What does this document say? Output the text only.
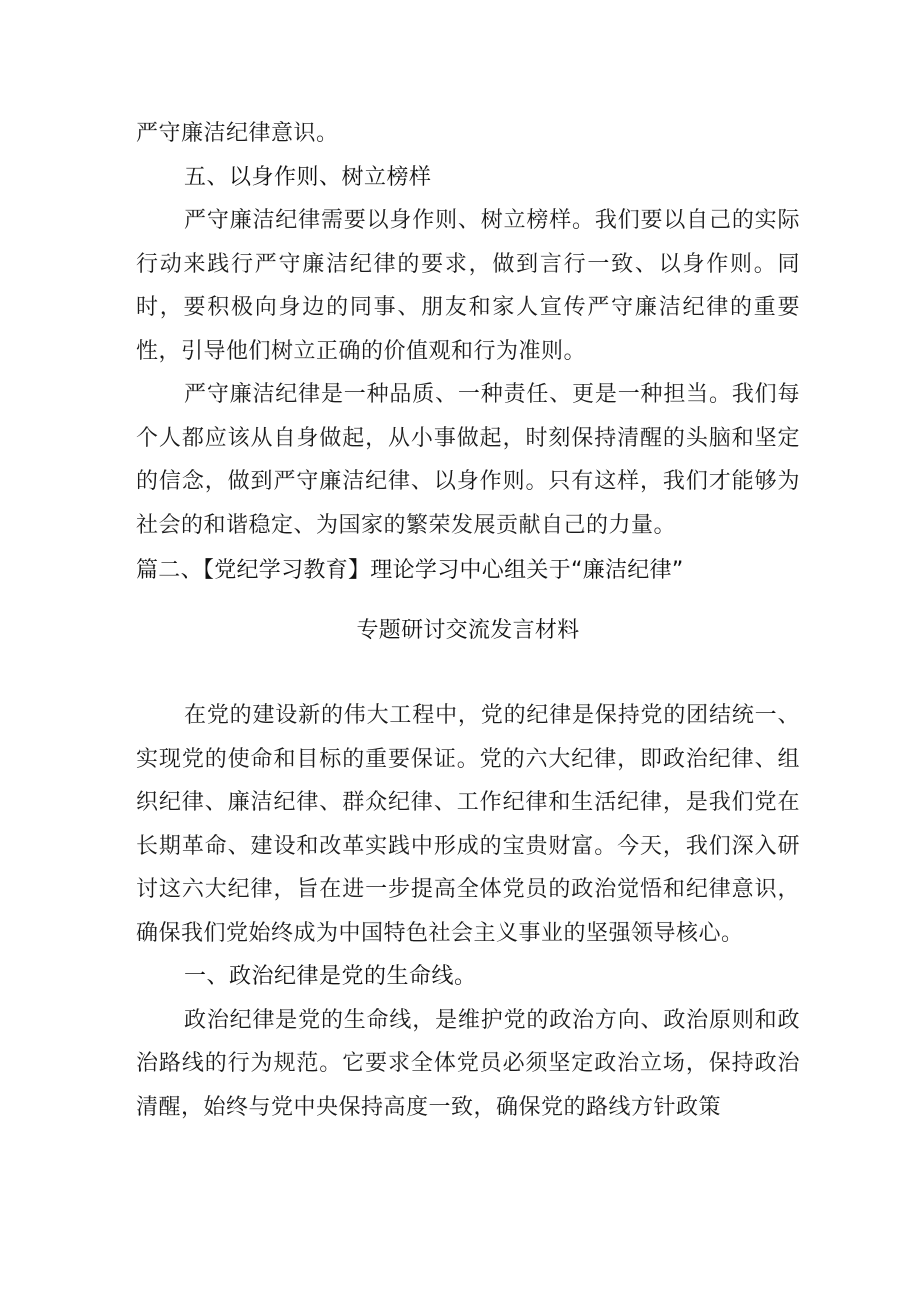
严守廉洁纪律意识。

五、以身作则、树立榜样

严守廉洁纪律需要以身作则、树立榜样。我们要以自己的实际行动来践行严守廉洁纪律的要求，做到言行一致、以身作则。同时，要积极向身边的同事、朋友和家人宣传严守廉洁纪律的重要性，引导他们树立正确的价值观和行为准则。

严守廉洁纪律是一种品质、一种责任、更是一种担当。我们每个人都应该从自身做起，从小事做起，时刻保持清醒的头脑和坚定的信念，做到严守廉洁纪律、以身作则。只有这样，我们才能够为社会的和谐稳定、为国家的繁荣发展贡献自己的力量。

篇二、【党纪学习教育】理论学习中心组关于“廉洁纪律”

专题研讨交流发言材料

在党的建设新的伟大工程中，党的纪律是保持党的团结统一、实现党的使命和目标的重要保证。党的六大纪律，即政治纪律、组织纪律、廉洁纪律、群众纪律、工作纪律和生活纪律，是我们党在长期革命、建设和改革实践中形成的宝贵财富。今天，我们深入研讨这六大纪律，旨在进一步提高全体党员的政治觉悟和纪律意识，确保我们党始终成为中国特色社会主义事业的坚强领导核心。

一、政治纪律是党的生命线。

政治纪律是党的生命线，是维护党的政治方向、政治原则和政治路线的行为规范。它要求全体党员必须坚定政治立场，保持政治清醒，始终与党中央保持高度一致，确保党的路线方针政策
